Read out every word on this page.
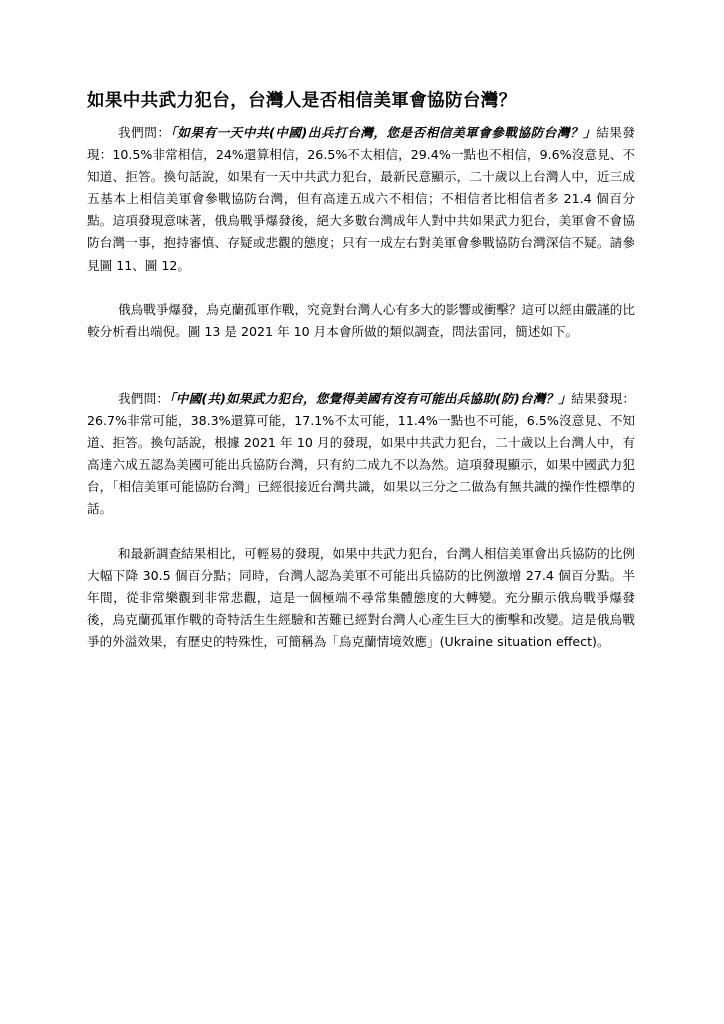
如果中共武力犯台，台灣人是否相信美軍會協防台灣？

我們問：「如果有一天中共(中國)出兵打台灣，您是否相信美軍會參戰協防台灣？」結果發現：10.5%非常相信，24%還算相信，26.5%不太相信，29.4%一點也不相信，9.6%沒意見、不知道、拒答。換句話說，如果有一天中共武力犯台，最新民意顯示，二十歲以上台灣人中，近三成五基本上相信美軍會參戰協防台灣，但有高達五成六不相信；不相信者比相信者多 21.4 個百分點。這項發現意味著，俄烏戰爭爆發後，絕大多數台灣成年人對中共如果武力犯台，美軍會不會協防台灣一事，抱持審慎、存疑或悲觀的態度；只有一成左右對美軍會參戰協防台灣深信不疑。請參見圖 11、圖 12。

俄烏戰爭爆發，烏克蘭孤軍作戰，究竟對台灣人心有多大的影響或衝擊？這可以經由嚴謹的比較分析看出端倪。圖 13 是 2021 年 10 月本會所做的類似調查，問法雷同，簡述如下。

我們問：「中國(共)如果武力犯台，您覺得美國有沒有可能出兵協助(防)台灣？」結果發現：26.7%非常可能，38.3%還算可能，17.1%不太可能，11.4%一點也不可能，6.5%沒意見、不知道、拒答。換句話說，根據 2021 年 10 月的發現，如果中共武力犯台，二十歲以上台灣人中，有高達六成五認為美國可能出兵協防台灣，只有約二成九不以為然。這項發現顯示，如果中國武力犯台，「相信美軍可能協防台灣」已經很接近台灣共識，如果以三分之二做為有無共識的操作性標準的話。

和最新調查結果相比，可輕易的發現，如果中共武力犯台，台灣人相信美軍會出兵協防的比例大幅下降 30.5 個百分點；同時，台灣人認為美軍不可能出兵協防的比例激增 27.4 個百分點。半年間，從非常樂觀到非常悲觀，這是一個極端不尋常集體態度的大轉變。充分顯示俄烏戰爭爆發後，烏克蘭孤軍作戰的奇特活生生經驗和苦難已經對台灣人心產生巨大的衝擊和改變。這是俄烏戰爭的外溢效果，有歷史的特殊性，可簡稱為「烏克蘭情境效應」(Ukraine situation effect)。
